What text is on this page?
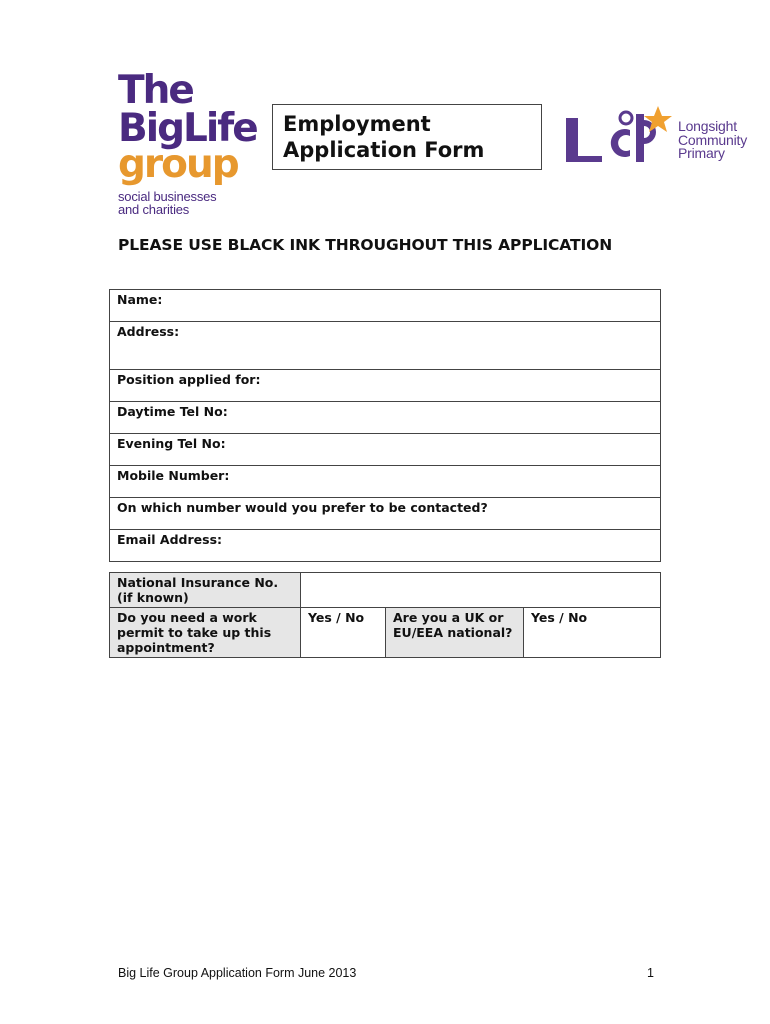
The
BigLife
group
social businesses
and charities
Employment
Application Form
Longsight
Community
Primary
PLEASE USE BLACK INK THROUGHOUT THIS APPLICATION
Name:
Address:
Position applied for:
Daytime Tel No:
Evening Tel No:
Mobile Number:
On which number would you prefer to be contacted?
Email Address:
National Insurance No. (if known)			
Do you need a work permit to take up this appointment?	Yes / No	Are you a UK or EU/EEA national?	Yes / No
Big Life Group Application Form June 2013	1
